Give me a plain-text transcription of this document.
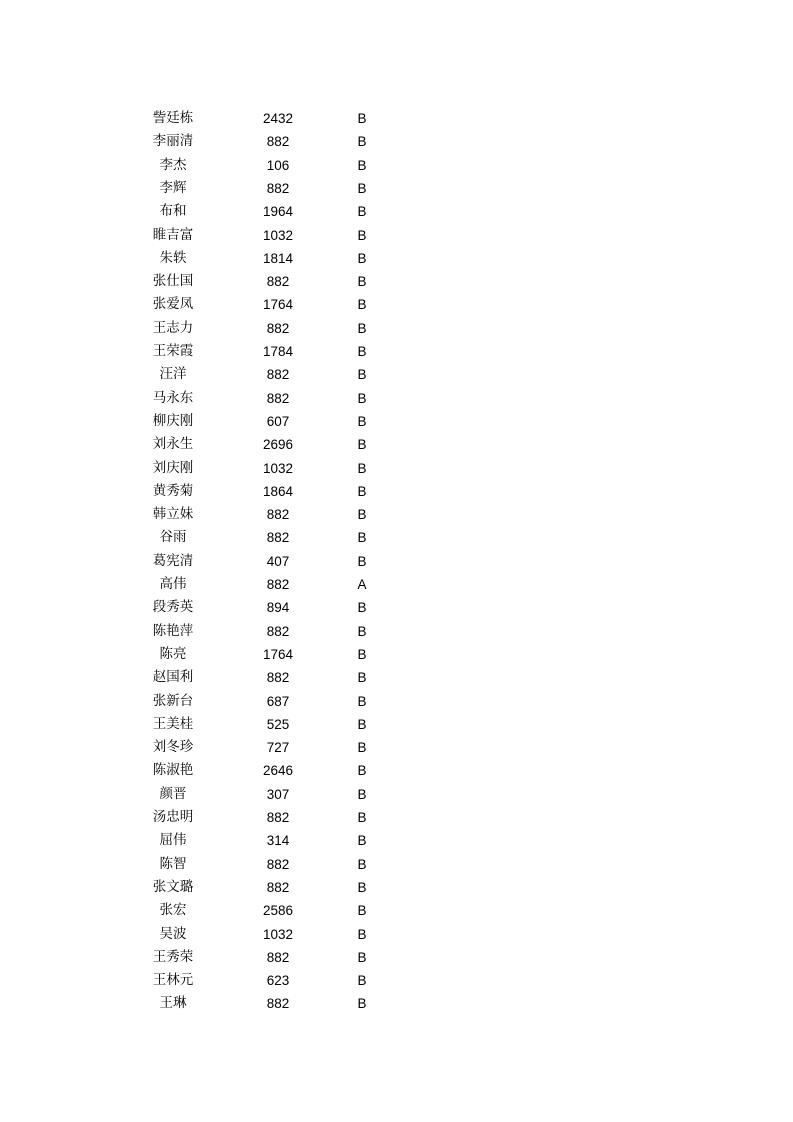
訾廷栋	2432	B
李丽清	882	B
李杰	106	B
李辉	882	B
布和	1964	B
睢吉富	1032	B
朱轶	1814	B
张仕国	882	B
张爱凤	1764	B
王志力	882	B
王荣霞	1784	B
汪洋	882	B
马永东	882	B
柳庆刚	607	B
刘永生	2696	B
刘庆刚	1032	B
黄秀菊	1864	B
韩立妹	882	B
谷雨	882	B
葛宪清	407	B
高伟	882	A
段秀英	894	B
陈艳萍	882	B
陈亮	1764	B
赵国利	882	B
张新台	687	B
王美桂	525	B
刘冬珍	727	B
陈淑艳	2646	B
颜晋	307	B
汤忠明	882	B
屈伟	314	B
陈智	882	B
张文璐	882	B
张宏	2586	B
吴波	1032	B
王秀荣	882	B
王林元	623	B
王琳	882	B
